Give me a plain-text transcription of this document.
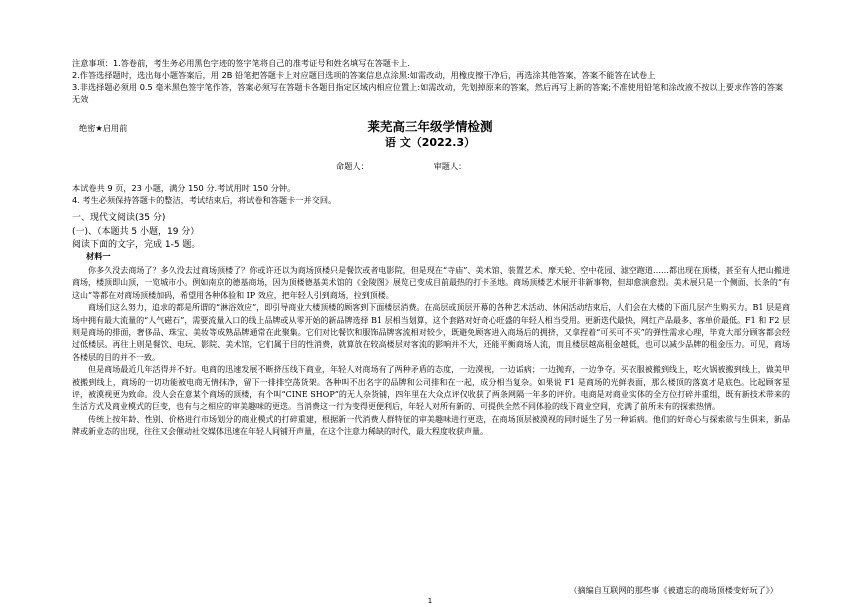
注意事项：1.答卷前，考生务必用黑色字迹的签字笔将自己的准考证号和姓名填写在答题卡上.

2.作答选择题时，选出每小题答案后，用 2B 铅笔把答题卡上对应题目选项的答案信息点涂黑:如需改动，用橡皮擦干净后，再选涂其他答案，答案不能答在试卷上

3.非选择题必须用 0.5 毫米黑色签字笔作答，答案必须写在答题卡各题目指定区域内相应位置上:如需改动，先划掉原来的答案，然后再写上新的答案;不准使用铅笔和涂改液不按以上要求作答的答案无效

绝密★启用前	莱芜高三年级学情检测
语 文（2022.3）
命题人：	审题人：

本试卷共 9 页，23 小题，满分 150 分.考试用时 150 分钟。

4. 考生必须保持答题卡的整洁，考试结束后，将试卷和答题卡一并交回。

一、现代文阅读(35 分)
(一)、（本题共 5 小题，19 分）
阅读下面的文字，完成 1-5 题。
材料一

你多久没去商场了？多久没去过商场顶楼了？你或许还以为商场顶楼只是餐饮或者电影院，但是现在“寺庙”、美术馆、装置艺术、摩天轮、空中花园、滤空跑道……都出现在顶楼，甚至有人把山搬进商场，楼顶即山顶，一览城市小。例如南京的德基商场，因为顶楼德基美术馆的《金陵图》展览已变成目前最热的打卡圣地。商场顶楼艺术展开非新事物，但却愈演愈烈。美术展只是一个侧面，长条的“有这山”等都在对商场顶楼加码，希望用各种体验和 IP 效应，把年轻人引到商场，拉到顶楼。

商场们这么努力，追求的都是所谓的“淋浴效应”，即引导商业大楼顶楼的顾客到下面楼层消费。在高层或顶层开幕的各种艺术活动、休闲活动结束后，人们会在大楼的下面几层产生购买力。B1 层是商场中拥有最大流量的“人气磁石”，需要流量入口的线上品牌或从零开始的新品牌选择 B1 层相当划算，这个套路对好奇心旺盛的年轻人相当受用。更新迭代最快，网红产品最多、客单价最低。F1 和 F2 层则是商场的排面，奢侈品、珠宝、美妆等成熟品牌通常在此聚集。它们对比餐饮和服饰品牌客流相对较少，既避免顾客进入商场后的拥挤，又拿捏着“可买可不买”的弹性需求心理，毕竟大部分顾客都会经过低楼层。再往上则是餐饮、电玩、影院、美术馆，它们属于目的性消费，就算放在较高楼层对客流的影响并不大，还能平衡商场人流，而且楼层越高租金越低，也可以减少品牌的租金压力。可见，商场各楼层的目的并不一致。

但是商场最近几年活得并不好。电商的迅速发展不断挤压线下商业，年轻人对商场有了两种矛盾的态度，一边漠视，一边诟病；一边抛弃，一边争夺。买衣服被搬到线上，吃火锅被搬到线上，做美甲被搬到线上，商场的一切功能被电商无情抹净，留下一排排空荡货架。各种叫不出名字的品牌和公司排和在一起，成分相当复杂。如果说 F1 是商场的光鲜表面，那么楼顶的落寞才是底色。比起顾客星评，被漠视更为致命。没人会在意某个商场的顶楼，有个叫“CINE SHOP”的无人杂货铺，四年里在大众点评仅收获了两条网隔一年多的评价。电商是对商业实体的全方位打碎并重组，既有新技术带来的生活方式及商业模式的巨变，也有与之相应的审美趣味的更迭。当消费这一行为变得更便利后，年轻人对所有新的、可提供全然不同体验的线下商业空间，充满了前所未有的探索热情。

传统上按年龄、性别、价格进行市场划分的商业模式的打碎重建，根据新一代消费人群特征的审美趣味进行更迭，在商场顶层被漠视的同时诞生了另一种诟病。他们的好奇心与探索欲与生俱来，新品牌或新业态的出现，往往又会催动社交媒体迅速在年轻人间铺开声量，在这个注意力稀缺的时代，最大程度收获声量。

（摘编自互联网的那些事《被遗忘的商场顶楼变好玩了》）
1
